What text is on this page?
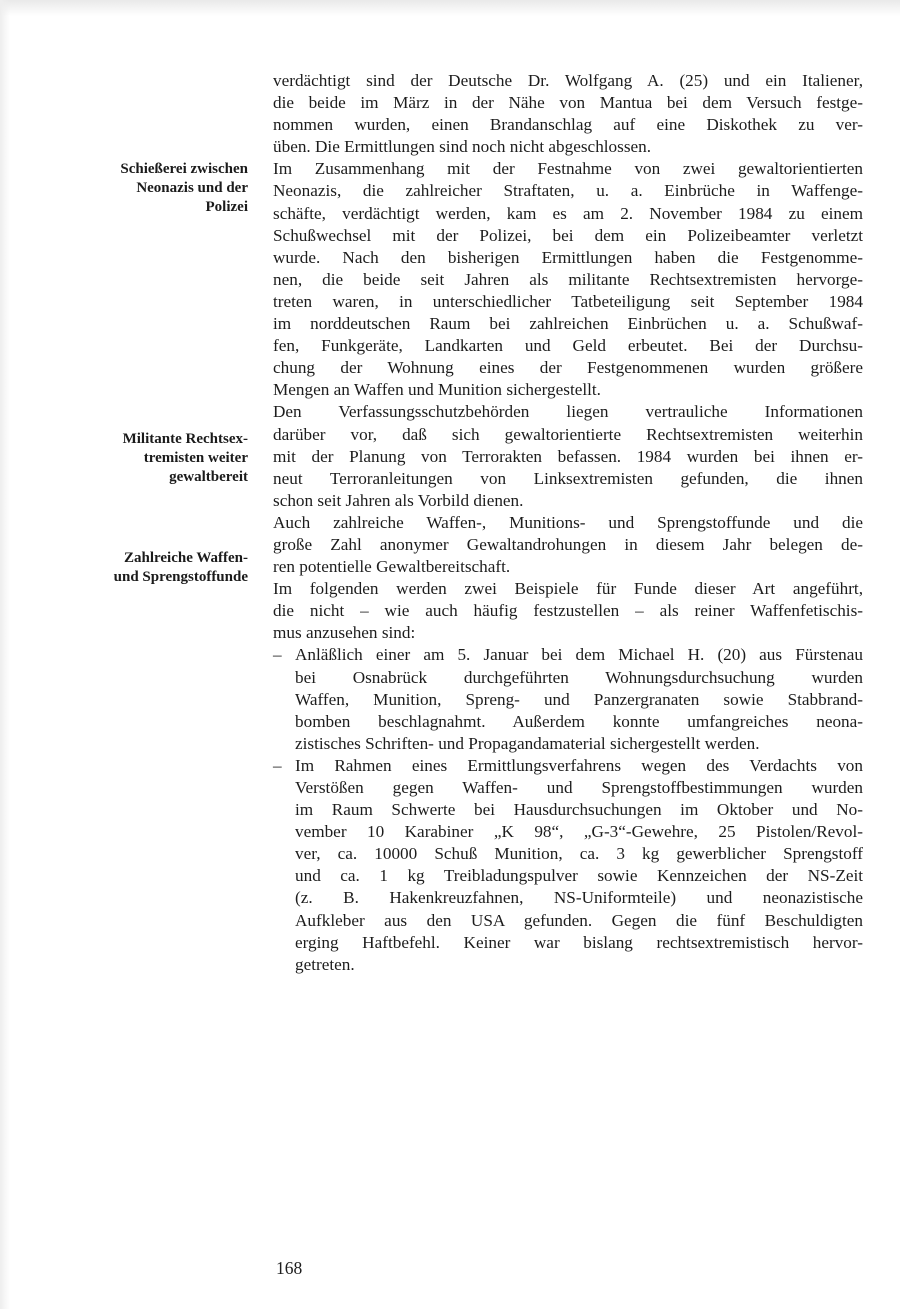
Schießerei zwischen
Neonazis und der
Polizei
Militante Rechtsex-
tremisten weiter
gewaltbereit
Zahlreiche Waffen-
und Sprengstoffunde
verdächtigt sind der Deutsche Dr. Wolfgang A. (25) und ein Italiener,
die beide im März in der Nähe von Mantua bei dem Versuch festge-
nommen wurden, einen Brandanschlag auf eine Diskothek zu ver-
üben. Die Ermittlungen sind noch nicht abgeschlossen.
Im Zusammenhang mit der Festnahme von zwei gewaltorientierten
Neonazis, die zahlreicher Straftaten, u. a. Einbrüche in Waffenge-
schäfte, verdächtigt werden, kam es am 2. November 1984 zu einem
Schußwechsel mit der Polizei, bei dem ein Polizeibeamter verletzt
wurde. Nach den bisherigen Ermittlungen haben die Festgenomme-
nen, die beide seit Jahren als militante Rechtsextremisten hervorge-
treten waren, in unterschiedlicher Tatbeteiligung seit September 1984
im norddeutschen Raum bei zahlreichen Einbrüchen u. a. Schußwaf-
fen, Funkgeräte, Landkarten und Geld erbeutet. Bei der Durchsu-
chung der Wohnung eines der Festgenommenen wurden größere
Mengen an Waffen und Munition sichergestellt.
Den Verfassungsschutzbehörden liegen vertrauliche Informationen
darüber vor, daß sich gewaltorientierte Rechtsextremisten weiterhin
mit der Planung von Terrorakten befassen. 1984 wurden bei ihnen er-
neut Terroranleitungen von Linksextremisten gefunden, die ihnen
schon seit Jahren als Vorbild dienen.
Auch zahlreiche Waffen-, Munitions- und Sprengstoffunde und die
große Zahl anonymer Gewaltandrohungen in diesem Jahr belegen de-
ren potentielle Gewaltbereitschaft.
Im folgenden werden zwei Beispiele für Funde dieser Art angeführt,
die nicht – wie auch häufig festzustellen – als reiner Waffenfetischis-
mus anzusehen sind:
– Anläßlich einer am 5. Januar bei dem Michael H. (20) aus Fürstenau
bei Osnabrück durchgeführten Wohnungsdurchsuchung wurden
Waffen, Munition, Spreng- und Panzergranaten sowie Stabbrand-
bomben beschlagnahmt. Außerdem konnte umfangreiches neona-
zistisches Schriften- und Propagandamaterial sichergestellt werden.
– Im Rahmen eines Ermittlungsverfahrens wegen des Verdachts von
Verstößen gegen Waffen- und Sprengstoffbestimmungen wurden
im Raum Schwerte bei Hausdurchsuchungen im Oktober und No-
vember 10 Karabiner „K 98“, „G-3“-Gewehre, 25 Pistolen/Revol-
ver, ca. 10000 Schuß Munition, ca. 3 kg gewerblicher Sprengstoff
und ca. 1 kg Treibladungspulver sowie Kennzeichen der NS-Zeit
(z. B. Hakenkreuzfahnen, NS-Uniformteile) und neonazistische
Aufkleber aus den USA gefunden. Gegen die fünf Beschuldigten
erging Haftbefehl. Keiner war bislang rechtsextremistisch hervor-
getreten.
168
